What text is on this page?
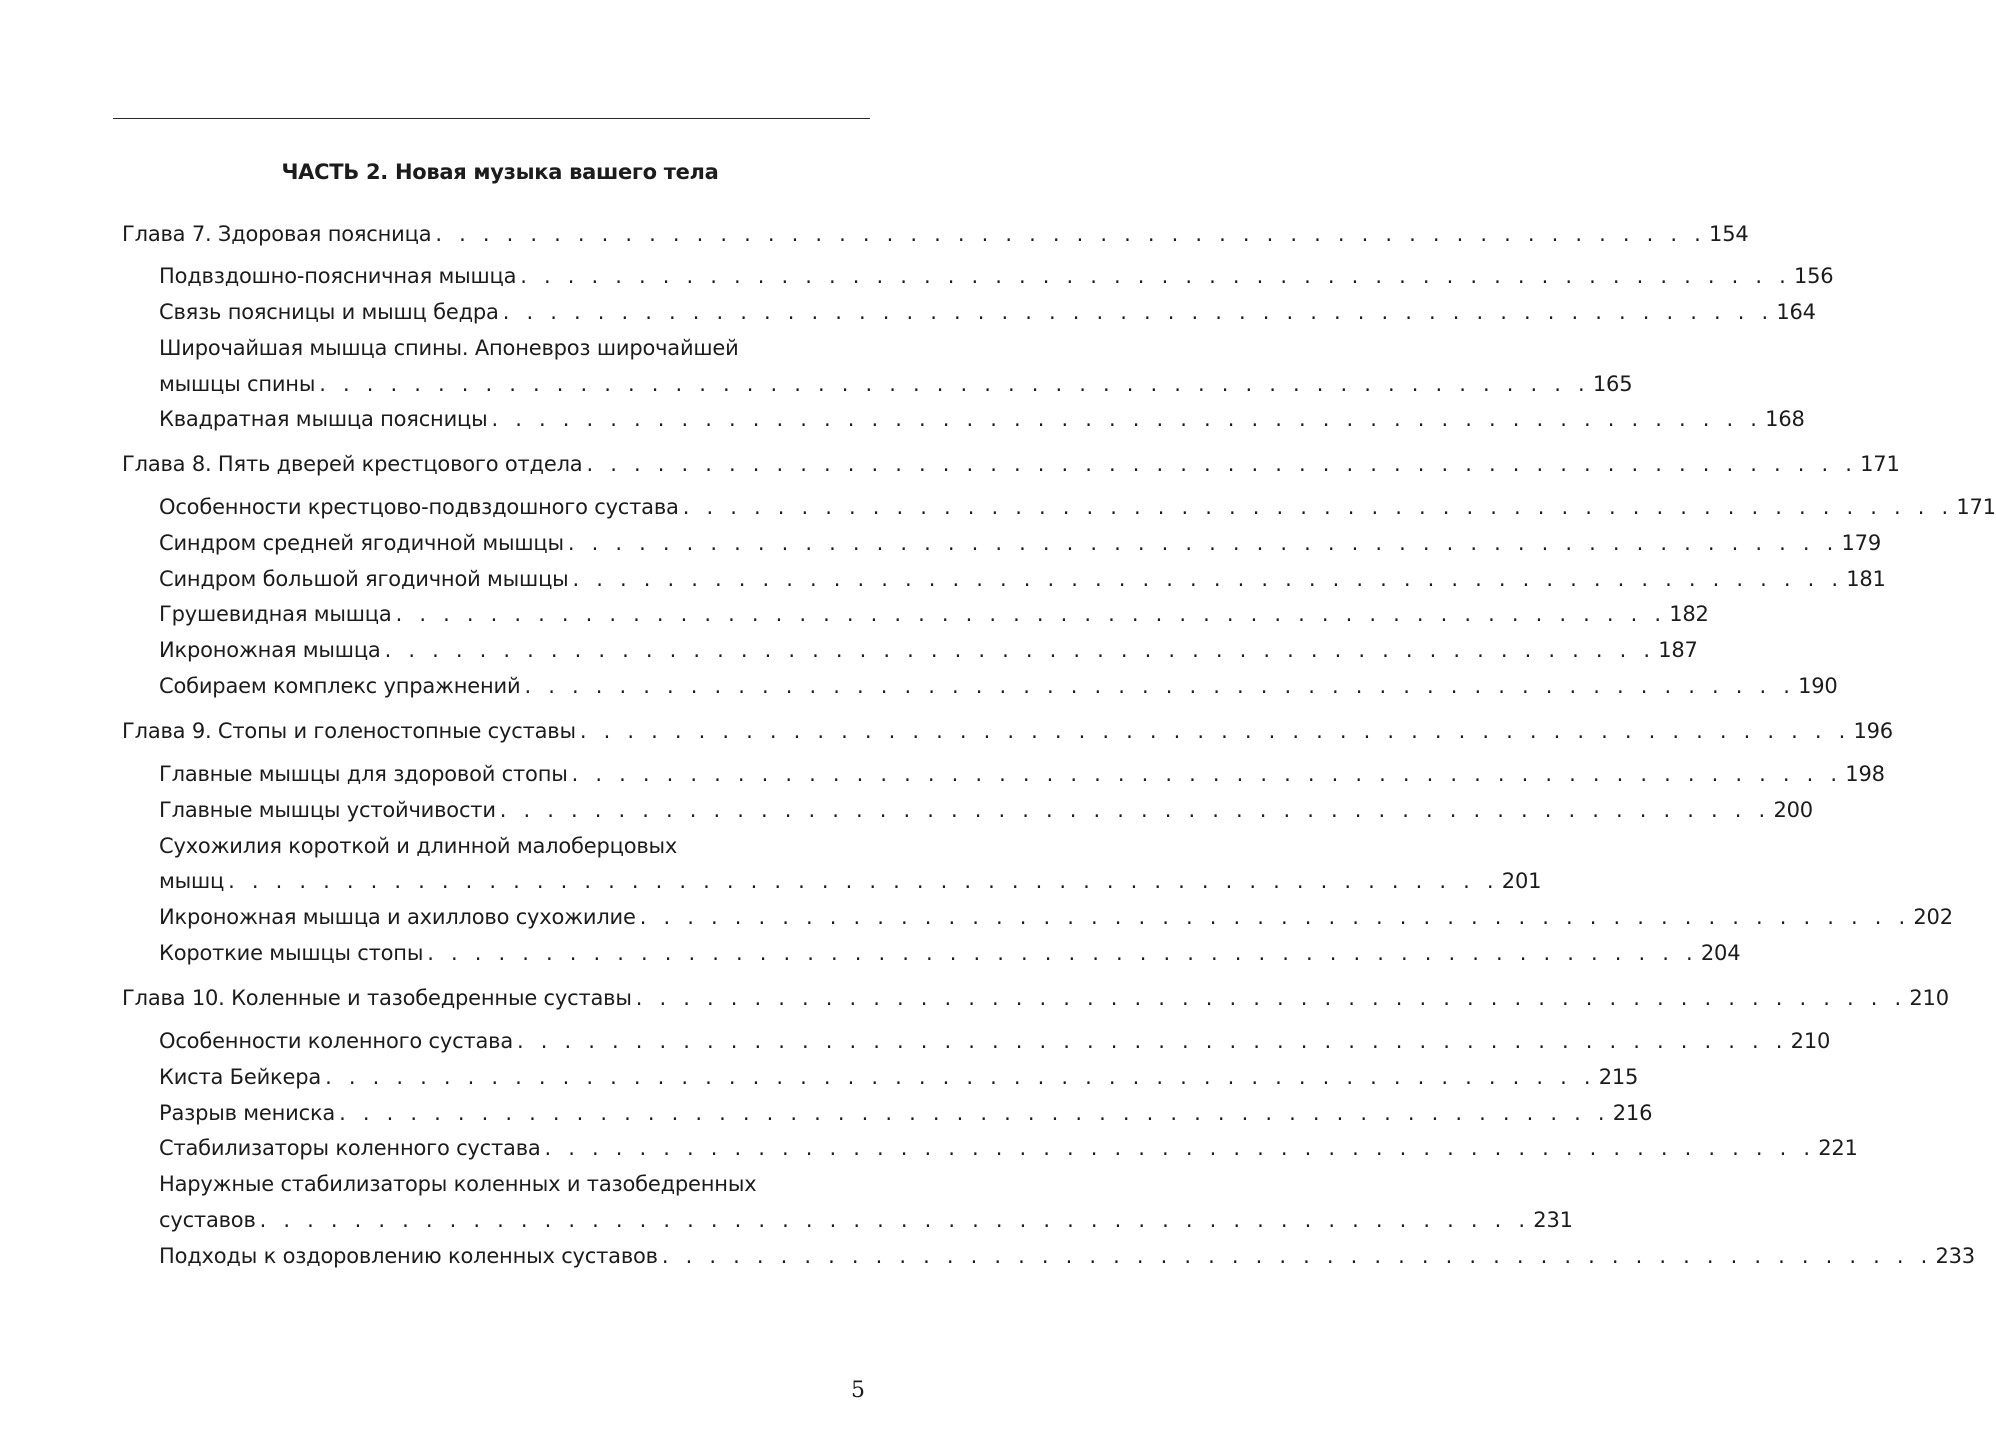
ЧАСТЬ 2. Новая музыка вашего тела
Глава 7. Здоровая поясница . . . . . . . . . . . . . . . . . . . . . . . . . . . . . . . . . . . . . . . . . . . . . . . . . . . . . . 154
Подвздошно-поясничная мышца . . . . . . . . . . . . . . . . . . . . . . . . . . . . . . . . . . . . . . . . . . . . . . . . . . . . . . 156
Связь поясницы и мышц бедра . . . . . . . . . . . . . . . . . . . . . . . . . . . . . . . . . . . . . . . . . . . . . . . . . . . . . . 164
Широчайшая мышца спины. Апоневроз широчайшей
мышцы спины . . . . . . . . . . . . . . . . . . . . . . . . . . . . . . . . . . . . . . . . . . . . . . . . . . . . . . 165
Квадратная мышца поясницы . . . . . . . . . . . . . . . . . . . . . . . . . . . . . . . . . . . . . . . . . . . . . . . . . . . . . . 168
Глава 8. Пять дверей крестцового отдела . . . . . . . . . . . . . . . . . . . . . . . . . . . . . . . . . . . . . . . . . . . . . . . . . . . . . . 171
Особенности крестцово-подвздошного сустава . . . . . . . . . . . . . . . . . . . . . . . . . . . . . . . . . . . . . . . . . . . . . . . . . . . . . . 171
Синдром средней ягодичной мышцы . . . . . . . . . . . . . . . . . . . . . . . . . . . . . . . . . . . . . . . . . . . . . . . . . . . . . . 179
Синдром большой ягодичной мышцы . . . . . . . . . . . . . . . . . . . . . . . . . . . . . . . . . . . . . . . . . . . . . . . . . . . . . . 181
Грушевидная мышца . . . . . . . . . . . . . . . . . . . . . . . . . . . . . . . . . . . . . . . . . . . . . . . . . . . . . . 182
Икроножная мышца . . . . . . . . . . . . . . . . . . . . . . . . . . . . . . . . . . . . . . . . . . . . . . . . . . . . . . 187
Собираем комплекс упражнений . . . . . . . . . . . . . . . . . . . . . . . . . . . . . . . . . . . . . . . . . . . . . . . . . . . . . . 190
Глава 9. Стопы и голеностопные суставы . . . . . . . . . . . . . . . . . . . . . . . . . . . . . . . . . . . . . . . . . . . . . . . . . . . . . . 196
Главные мышцы для здоровой стопы . . . . . . . . . . . . . . . . . . . . . . . . . . . . . . . . . . . . . . . . . . . . . . . . . . . . . . 198
Главные мышцы устойчивости . . . . . . . . . . . . . . . . . . . . . . . . . . . . . . . . . . . . . . . . . . . . . . . . . . . . . . 200
Сухожилия короткой и длинной малоберцовых
мышц . . . . . . . . . . . . . . . . . . . . . . . . . . . . . . . . . . . . . . . . . . . . . . . . . . . . . . 201
Икроножная мышца и ахиллово сухожилие . . . . . . . . . . . . . . . . . . . . . . . . . . . . . . . . . . . . . . . . . . . . . . . . . . . . . . 202
Короткие мышцы стопы . . . . . . . . . . . . . . . . . . . . . . . . . . . . . . . . . . . . . . . . . . . . . . . . . . . . . . 204
Глава 10. Коленные и тазобедренные суставы . . . . . . . . . . . . . . . . . . . . . . . . . . . . . . . . . . . . . . . . . . . . . . . . . . . . . . 210
Особенности коленного сустава . . . . . . . . . . . . . . . . . . . . . . . . . . . . . . . . . . . . . . . . . . . . . . . . . . . . . . 210
Киста Бейкера . . . . . . . . . . . . . . . . . . . . . . . . . . . . . . . . . . . . . . . . . . . . . . . . . . . . . . 215
Разрыв мениска . . . . . . . . . . . . . . . . . . . . . . . . . . . . . . . . . . . . . . . . . . . . . . . . . . . . . . 216
Стабилизаторы коленного сустава . . . . . . . . . . . . . . . . . . . . . . . . . . . . . . . . . . . . . . . . . . . . . . . . . . . . . . 221
Наружные стабилизаторы коленных и тазобедренных
суставов . . . . . . . . . . . . . . . . . . . . . . . . . . . . . . . . . . . . . . . . . . . . . . . . . . . . . . 231
Подходы к оздоровлению коленных суставов . . . . . . . . . . . . . . . . . . . . . . . . . . . . . . . . . . . . . . . . . . . . . . . . . . . . . . 233
5
